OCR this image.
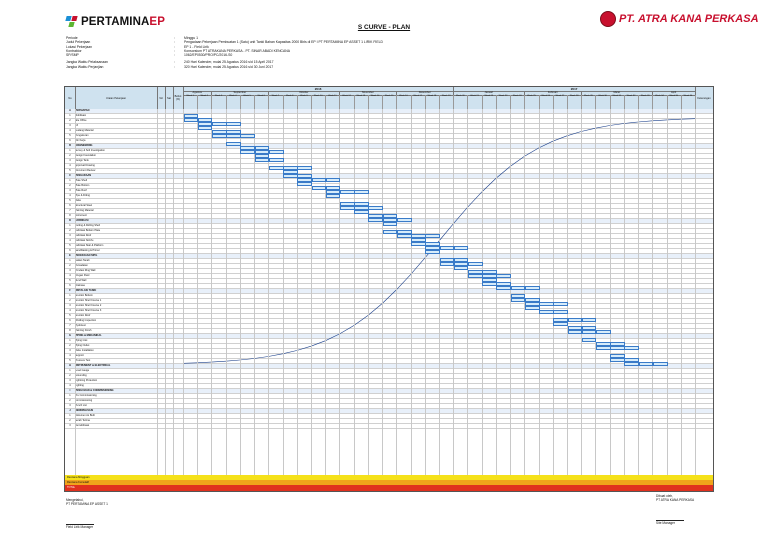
PERTAMINAEP	PT. ATRA KANA PERKASA
S CURVE - PLAN
Periode	:	Minggu 1
Judul Pekerjaan	:	Pengadaan Pekerjaan Pembuatan 1 (Satu) unit Tanki Bahan Kapasitas 2000 Bbls di EP I PT PERTAMINA EP ASSET 1 LIRIK FIELD
Lokasi Pekerjaan	:	EP 1 - Field Lirik
Kontraktor	:	Konsorsium PT ATRAKANA PERKASA - PT. SINAR ABADI KENCANA
SP/SMP	:	1062/EP0530/PRO/PC/2016-S0
Jangka Waktu Pelaksanaan	:	240 Hari Kalender, mulai 25 Agustus 2016 s/d 15 April 2017
Jangka Waktu Perjanjian	:	320 Hari Kalender, mulai 25 Agustus 2016 s/d 30 Juni 2017
No	Uraian Pekerjaan	Vol	Sat	Bobot (%)	Keterangan
2016	2017
Agustus	September	Oktober	November	Desember	Januari	Februari	Maret	April
Week 1	Week 2	Week 3	Week 4	Week 5	Week 6	Week 7	Week 8	Week 9	Week 10	Week 11	Week 12	Week 13	Week 14	Week 15	Week 16	Week 17	Week 18	Week 19	Week 20	Week 21	Week 22	Week 23	Week 24	Week 25	Week 26	Week 27	Week 28	Week 29	Week 30	Week 31	Week 32	Week 33	Week 34	Week 35	Week 36
A	PERSIAPAN
1	Mobilisasi
2	Site Office
3	K3
4	Gudang Material
5	Pengukuran
6	Izin Kerja
B	ENGINEERING
1	Survey & Soil Investigation
2	Design Foundation
3	Design Tank
4	Approval Drawing
5	Document Review
C	PENGADAAN
1	Plate Shell
2	Plate Bottom
3	Plate Roof
4	Pipe & Fitting
5	Valve
6	Structural Steel
7	Painting Material
8	Instrument
D	FABRIKASI
1	Cutting & Rolling Shell
2	Fabrikasi Bottom Plate
3	Fabrikasi Roof
4	Fabrikasi Nozzle
5	Fabrikasi Stair & Platform
6	Sandblasting & Primer
E	PEKERJAAN SIPIL
1	Galian Tanah
2	Pemadatan
3	Pondasi Ring Wall
4	Urugan Pasir
5	Bund Wall
6	Drainase
F	INSTALASI TANKI
1	Erection Bottom
2	Erection Shell Course 1
3	Erection Shell Course 2
4	Erection Shell Course 3
5	Erection Roof
6	Welding Inspection
7	Hydrotest
8	Painting Finish
G	PIPING & MEKANIKAL
1	Piping Inlet
2	Piping Outlet
3	Valve Installation
4	Support
5	Pressure Test
H	INSTRUMENT & ELEKTRIKAL
1	Level Gauge
2	Grounding
3	Lightning Protection
4	Lighting
I	PENGUJIAN & COMMISSIONING
1	Pre Commissioning
2	Commissioning
3	Punch List
J	DEMOBILISASI
1	Dokumen As Built
2	Serah Terima
3	Demobilisasi
Rencana Mingguan
Rencana Kumulatif
TOTAL
Mengetahui,
PT PERTAMINA EP ASSET 1
Field Lirik Manager
Dibuat oleh,
PT ATRA KANA PERKASA
Site Manager
